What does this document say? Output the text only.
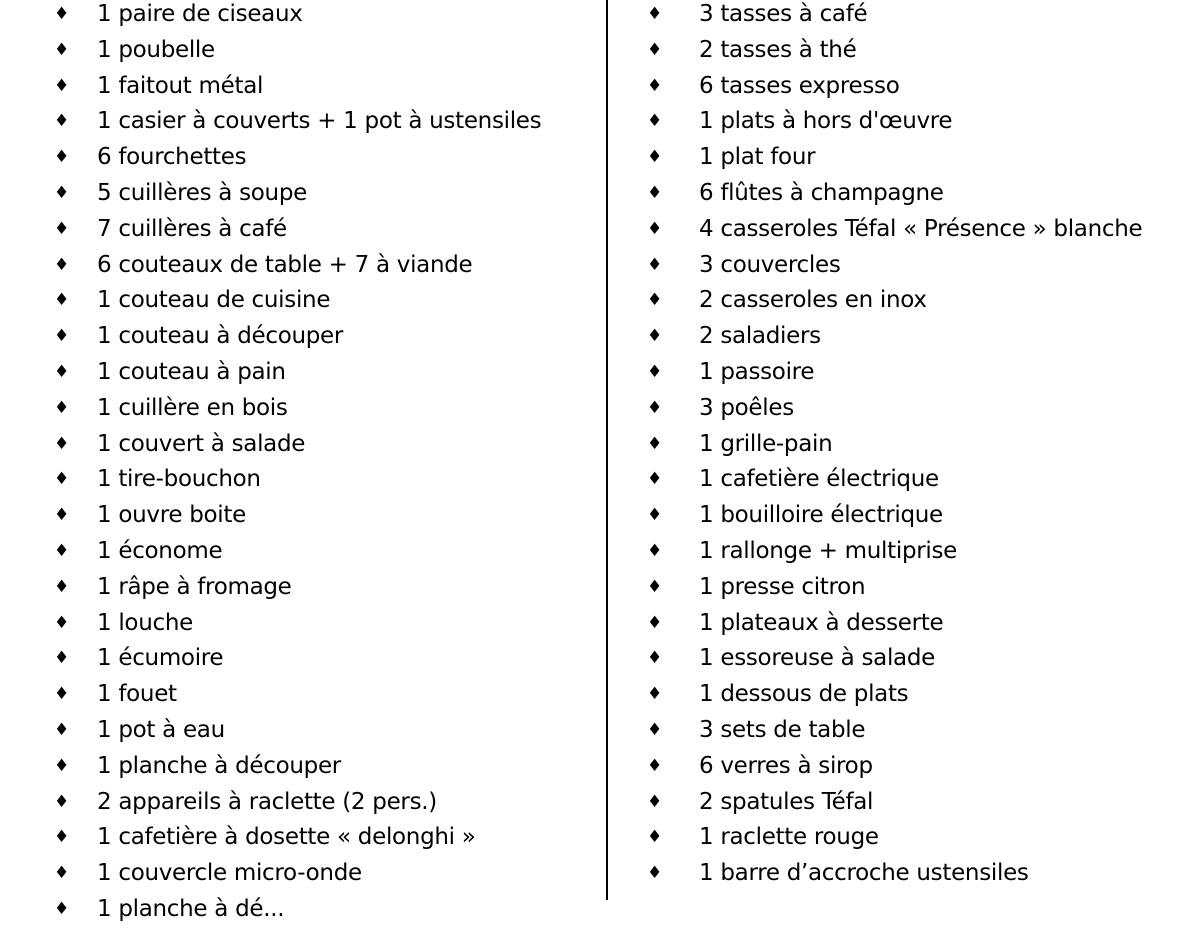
♦ 1 paire de ciseaux
♦ 1 poubelle
♦ 1 faitout métal
♦ 1 casier à couverts + 1 pot à ustensiles
♦ 6 fourchettes
♦ 5 cuillères à soupe
♦ 7 cuillères à café
♦ 6 couteaux de table + 7 à viande
♦ 1 couteau de cuisine
♦ 1 couteau à découper
♦ 1 couteau à pain
♦ 1 cuillère en bois
♦ 1 couvert à salade
♦ 1 tire-bouchon
♦ 1 ouvre boite
♦ 1 économe
♦ 1 râpe à fromage
♦ 1 louche
♦ 1 écumoire
♦ 1 fouet
♦ 1 pot à eau
♦ 1 planche à découper
♦ 2 appareils à raclette (2 pers.)
♦ 1 cafetière à dosette « delonghi »
♦ 1 couvercle micro-onde
♦ 1 planche à dé...
♦ 3 tasses à café
♦ 2 tasses à thé
♦ 6 tasses expresso
♦ 1 plats à hors d'œuvre
♦ 1 plat four
♦ 6 flûtes à champagne
♦ 4 casseroles Téfal « Présence » blanche
♦ 3 couvercles
♦ 2 casseroles en inox
♦ 2 saladiers
♦ 1 passoire
♦ 3 poêles
♦ 1 grille-pain
♦ 1 cafetière électrique
♦ 1 bouilloire électrique
♦ 1 rallonge + multiprise
♦ 1 presse citron
♦ 1 plateaux à desserte
♦ 1 essoreuse à salade
♦ 1 dessous de plats
♦ 3 sets de table
♦ 6 verres à sirop
♦ 2 spatules Téfal
♦ 1 raclette rouge
♦ 1 barre d’accroche ustensiles
